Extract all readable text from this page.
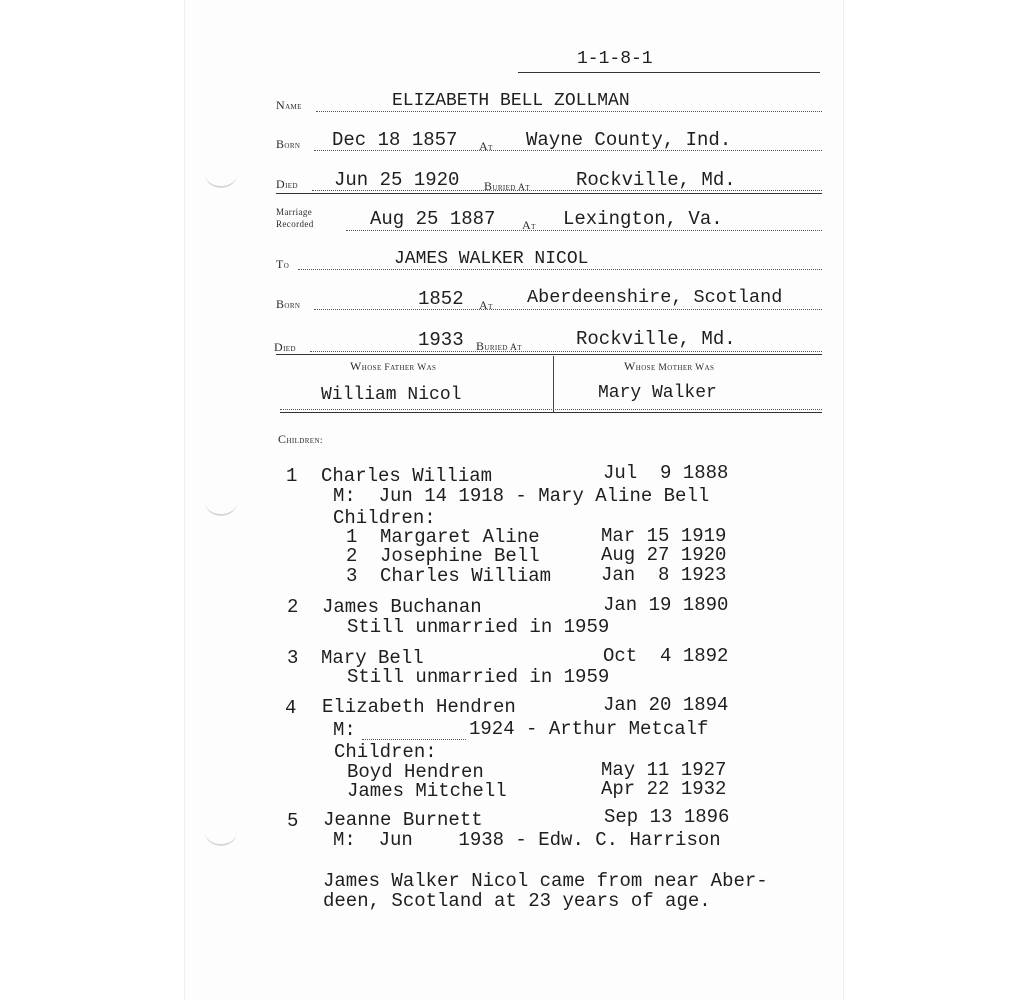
1-1-8-1
Name	ELIZABETH BELL ZOLLMAN
Born Dec 18 1857 At Wayne County, Ind.
Died Jun 25 1920	Buried At Rockville, Md.
Marriage
Recorded	Aug 25 1887	At Lexington, Va.
To	JAMES WALKER NICOL
Born	1852 At Aberdeenshire, Scotland
Died	1933 Buried At	Rockville, Md.
Whose Father Was	Whose Mother Was
William Nicol	Mary Walker
Children:
1 Charles William	Jul  9 1888
M:  Jun 14 1918 - Mary Aline Bell
Children:
1 Margaret Aline	Mar 15 1919
2 Josephine Bell	Aug 27 1920
3 Charles William	Jan  8 1923
2 James Buchanan	Jan 19 1890
Still unmarried in 1959
3 Mary Bell	Oct  4 1892
Still unmarried in 1959
4 Elizabeth Hendren	Jan 20 1894
M:	1924 - Arthur Metcalf
Children:
Boyd Hendren	May 11 1927
James Mitchell	Apr 22 1932
5 Jeanne Burnett	Sep 13 1896
M:  Jun    1938 - Edw. C. Harrison
James Walker Nicol came from near Aber-
deen, Scotland at 23 years of age.
